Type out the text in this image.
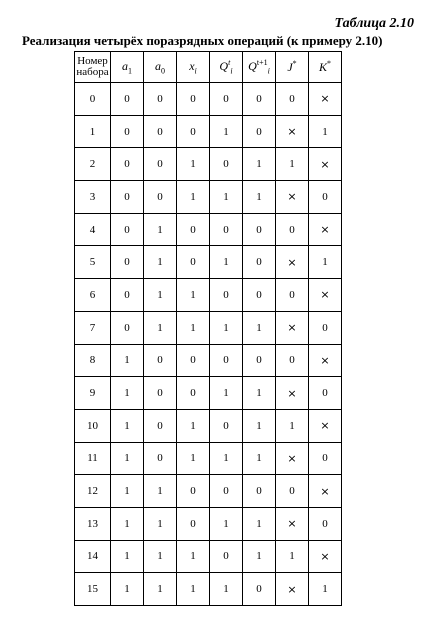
Таблица 2.10
Реализация четырёх поразрядных операций (к примеру 2.10)
Номер набора	$a_1$	$a_0$	$x_i$	$Q^t_i$	$Q^{t+1}_i$	J*	K*
0	0	0	0	0	0	0	×
1	0	0	0	1	0	×	1
2	0	0	1	0	1	1	×
3	0	0	1	1	1	×	0
4	0	1	0	0	0	0	×
5	0	1	0	1	0	×	1
6	0	1	1	0	0	0	×
7	0	1	1	1	1	×	0
8	1	0	0	0	0	0	×
9	1	0	0	1	1	×	0
10	1	0	1	0	1	1	×
11	1	0	1	1	1	×	0
12	1	1	0	0	0	0	×
13	1	1	0	1	1	×	0
14	1	1	1	0	1	1	×
15	1	1	1	1	0	×	1
